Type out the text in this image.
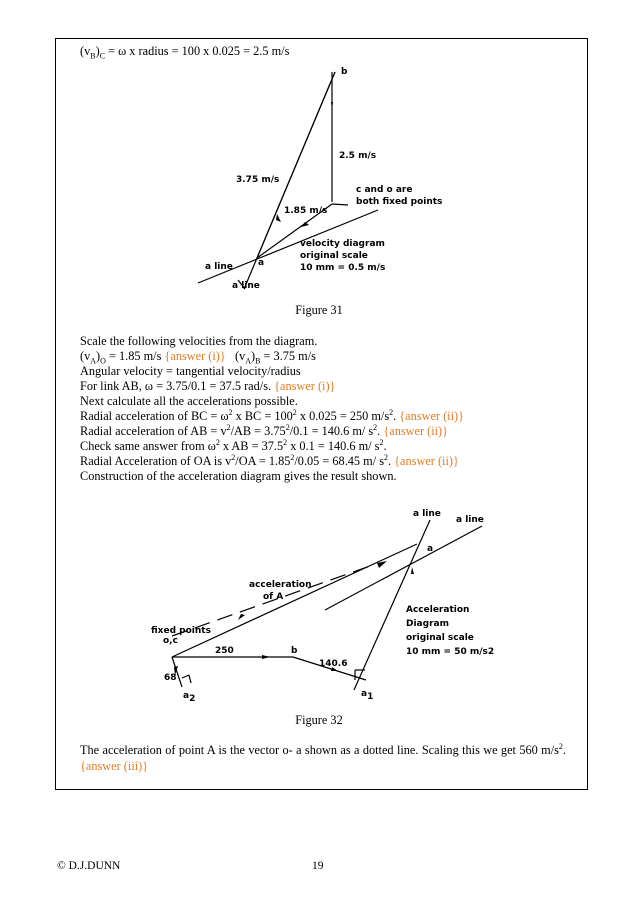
$(v_B)_C = \omega$ x radius = 100 x 0.025 = 2.5 m/s
b
2.5 m/s
3.75 m/s
c and o are
both fixed points
1.85 m/s
velocity diagram
original scale
10 mm = 0.5 m/s
a
a line
a line
Figure 31
Scale the following velocities from the diagram.
$(v_A)_O = 1.85$ m/s {answer (i)}   $(v_A)_B = 3.75$ m/s
Angular velocity = tangential velocity/radius
For link AB, ω = 3.75/0.1 = 37.5 rad/s. {answer (i)}
Next calculate all the accelerations possible.
Radial acceleration of BC = $\omega^2$ x BC = $100^2$ x 0.025 = 250 $m/s^2$. {answer (ii)}
Radial acceleration of AB = $v^2/AB = 3.75^2/0.1 = 140.6$ m/ $s^2$. {answer (ii)}
Check same answer from $\omega^2$ x AB = $37.5^2$ x 0.1 = 140.6 m/ $s^2$.
Radial Acceleration of OA is $v^2/OA = 1.85^2/0.05 = 68.45$ m/ $s^2$. {answer (ii)}
Construction of the acceleration diagram gives the result shown.
a line
a line
a
acceleration
of A
fixed points
o,c
250	b
140.6
68
a2	a1
Acceleration
Diagram
original scale
10 mm = 50 m/s2
Figure 32
The acceleration of point A is the vector o- a shown as a dotted line. Scaling this we get 560 $m/s^2$. {answer (iii)}
© D.J.DUNN	19
